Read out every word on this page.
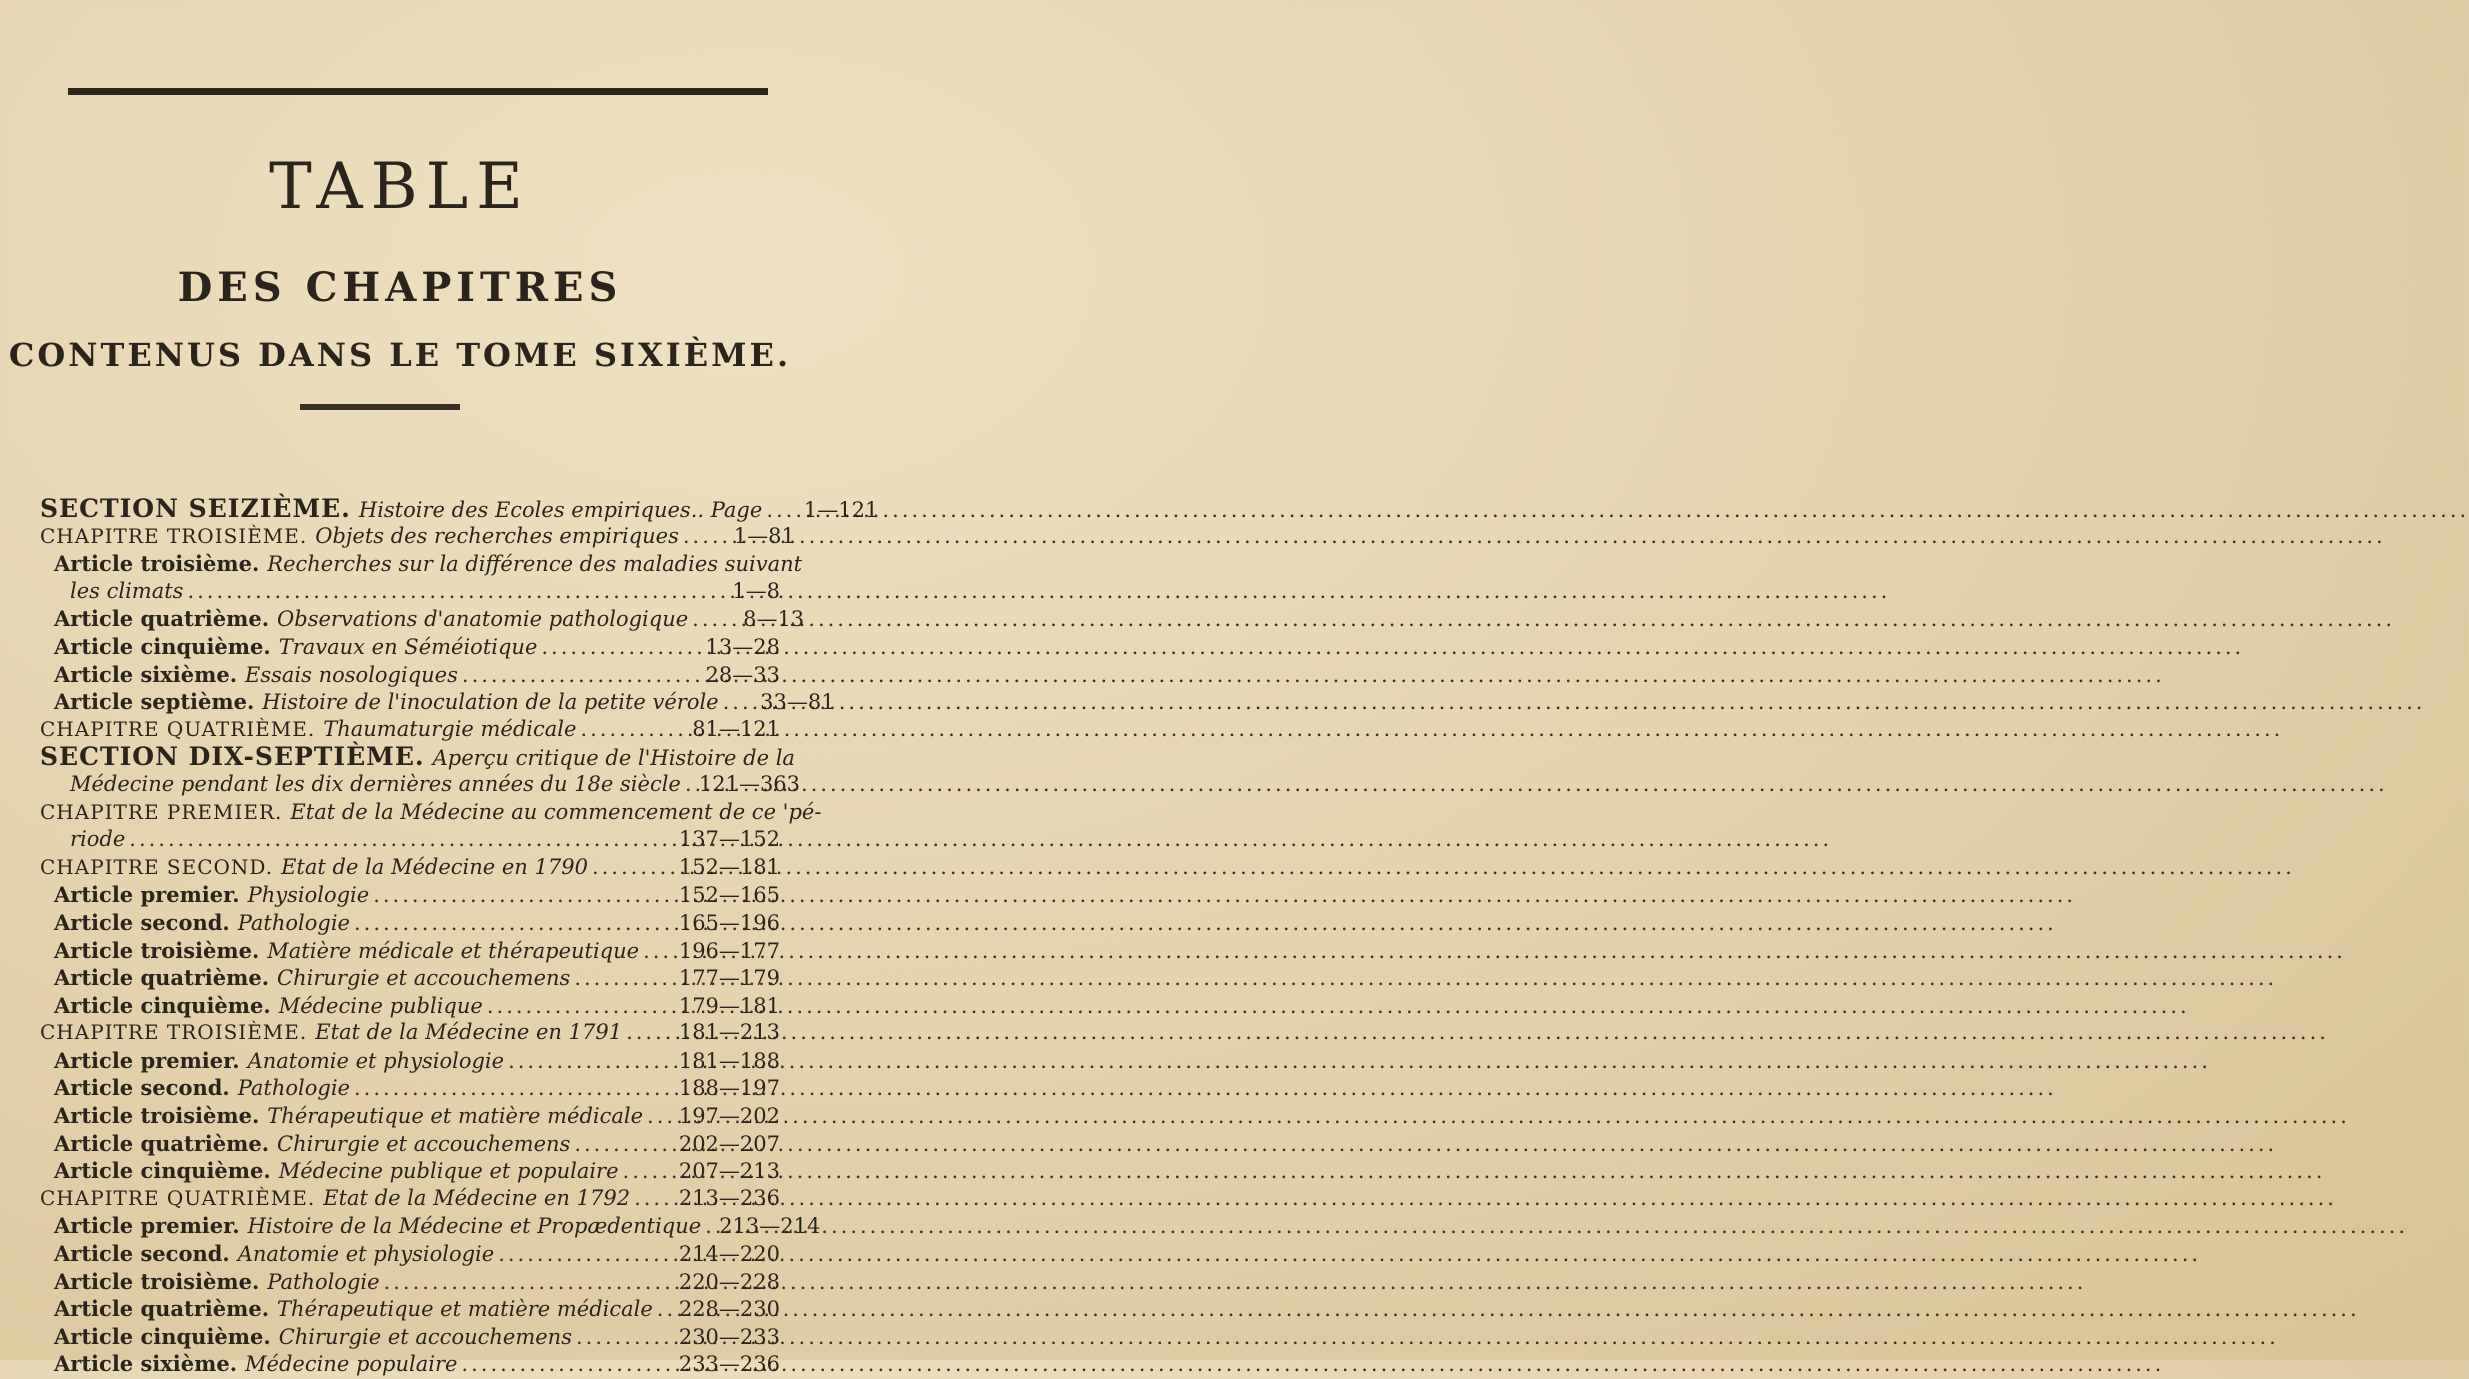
TABLE
DES CHAPITRES
CONTENUS DANS LE TOME SIXIÈME.
SECTION SEIZIÈME. Histoire des Ecoles empiriques.. Page .....	1—121
CHAPITRE TROISIÈME. Objets des recherches empiriques .....	1—81
Article troisième. Recherches sur la différence des maladies suivant
les climats .....	1—8
Article quatrième. Observations d'anatomie pathologique .....	8—13
Article cinquième. Travaux en Séméiotique .....	13—28
Article sixième. Essais nosologiques .....	28—33
Article septième. Histoire de l'inoculation de la petite vérole .....	33—81
CHAPITRE QUATRIÈME. Thaumaturgie médicale .....	81—121
SECTION DIX-SEPTIÈME. Aperçu critique de l'Histoire de la
Médecine pendant les dix dernières années du 18e siècle ..... 121—363
CHAPITRE PREMIER. Etat de la Médecine au commencement de ce 'pé-
riode .....	137—152
CHAPITRE SECOND. Etat de la Médecine en 1790 .....	152—181
Article premier. Physiologie .....	152—165
Article second. Pathologie .....	165—196
Article troisième. Matière médicale et thérapeutique ..... 196—177
Article quatrième. Chirurgie et accouchemens .....	177—179
Article cinquième. Médecine publique .....	179—181
CHAPITRE TROISIÈME. Etat de la Médecine en 1791 .....	181—213
Article premier. Anatomie et physiologie .....	181—188
Article second. Pathologie .....	188—197
Article troisième. Thérapeutique et matière médicale ..... 197—202
Article quatrième. Chirurgie et accouchemens .....	202—207
Article cinquième. Médecine publique et populaire .....	207—213
CHAPITRE QUATRIÈME. Etat de la Médecine en 1792 ..... 213—236
Article premier. Histoire de la Médecine et Propædentique ..... 213—214
Article second. Anatomie et physiologie .....	214—220
Article troisième. Pathologie .....	220—228
Article quatrième. Thérapeutique et matière médicale ..... 228—230
Article cinquième. Chirurgie et accouchemens .....	230—233
Article sixième. Médecine populaire .....	233—236
